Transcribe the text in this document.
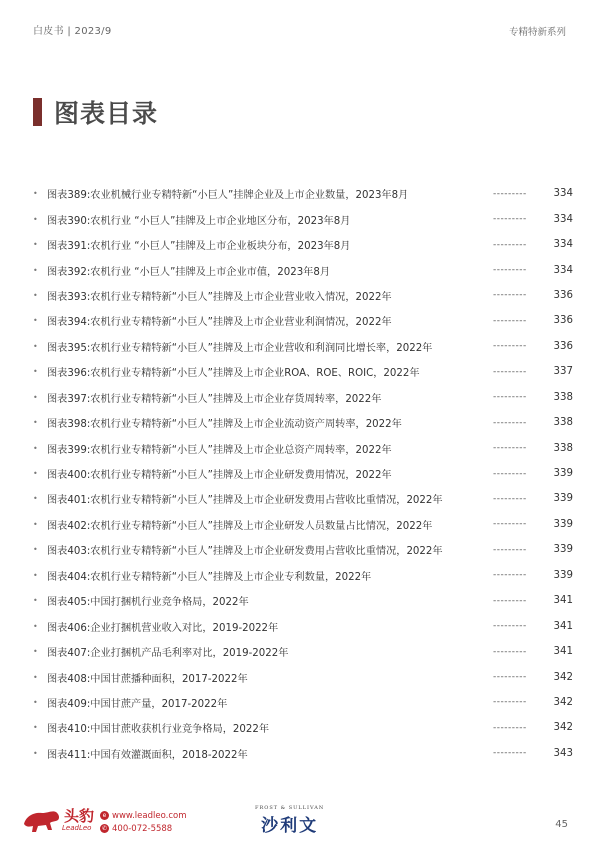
白皮书 | 2023/9	专精特新系列
图表目录
• 图表389: 农业机械行业专精特新“小巨人”挂牌企业及上市企业数量，2023年8月	---------	334
• 图表390: 农机行业 “小巨人”挂牌及上市企业地区分布，2023年8月	---------	334
• 图表391: 农机行业 “小巨人”挂牌及上市企业板块分布，2023年8月	---------	334
• 图表392: 农机行业 “小巨人”挂牌及上市企业市值，2023年8月	---------	334
• 图表393: 农机行业专精特新“小巨人”挂牌及上市企业营业收入情况，2022年	---------	336
• 图表394: 农机行业专精特新“小巨人”挂牌及上市企业营业利润情况，2022年	---------	336
• 图表395: 农机行业专精特新“小巨人”挂牌及上市企业营收和利润同比增长率，2022年	---------	336
• 图表396: 农机行业专精特新“小巨人”挂牌及上市企业ROA、ROE、ROIC，2022年	---------	337
• 图表397: 农机行业专精特新“小巨人”挂牌及上市企业存货周转率，2022年	---------	338
• 图表398: 农机行业专精特新“小巨人”挂牌及上市企业流动资产周转率，2022年	---------	338
• 图表399: 农机行业专精特新“小巨人”挂牌及上市企业总资产周转率，2022年	---------	338
• 图表400: 农机行业专精特新“小巨人”挂牌及上市企业研发费用情况，2022年	---------	339
• 图表401: 农机行业专精特新“小巨人”挂牌及上市企业研发费用占营收比重情况，2022年	---------	339
• 图表402: 农机行业专精特新“小巨人”挂牌及上市企业研发人员数量占比情况，2022年	---------	339
• 图表403: 农机行业专精特新“小巨人”挂牌及上市企业研发费用占营收比重情况，2022年	---------	339
• 图表404: 农机行业专精特新“小巨人”挂牌及上市企业专利数量，2022年	---------	339
• 图表405: 中国打捆机行业竞争格局，2022年	---------	341
• 图表406: 企业打捆机营业收入对比，2019-2022年	---------	341
• 图表407: 企业打捆机产品毛利率对比，2019-2022年	---------	341
• 图表408: 中国甘蔗播种面积，2017-2022年	---------	342
• 图表409: 中国甘蔗产量，2017-2022年	---------	342
• 图表410: 中国甘蔗收获机行业竞争格局，2022年	---------	342
• 图表411: 中国有效灌溉面积，2018-2022年	---------	343
头豹
LeadLeo
e www.leadleo.com
✆ 400-072-5588
FROST & SULLIVAN
沙利文	45
